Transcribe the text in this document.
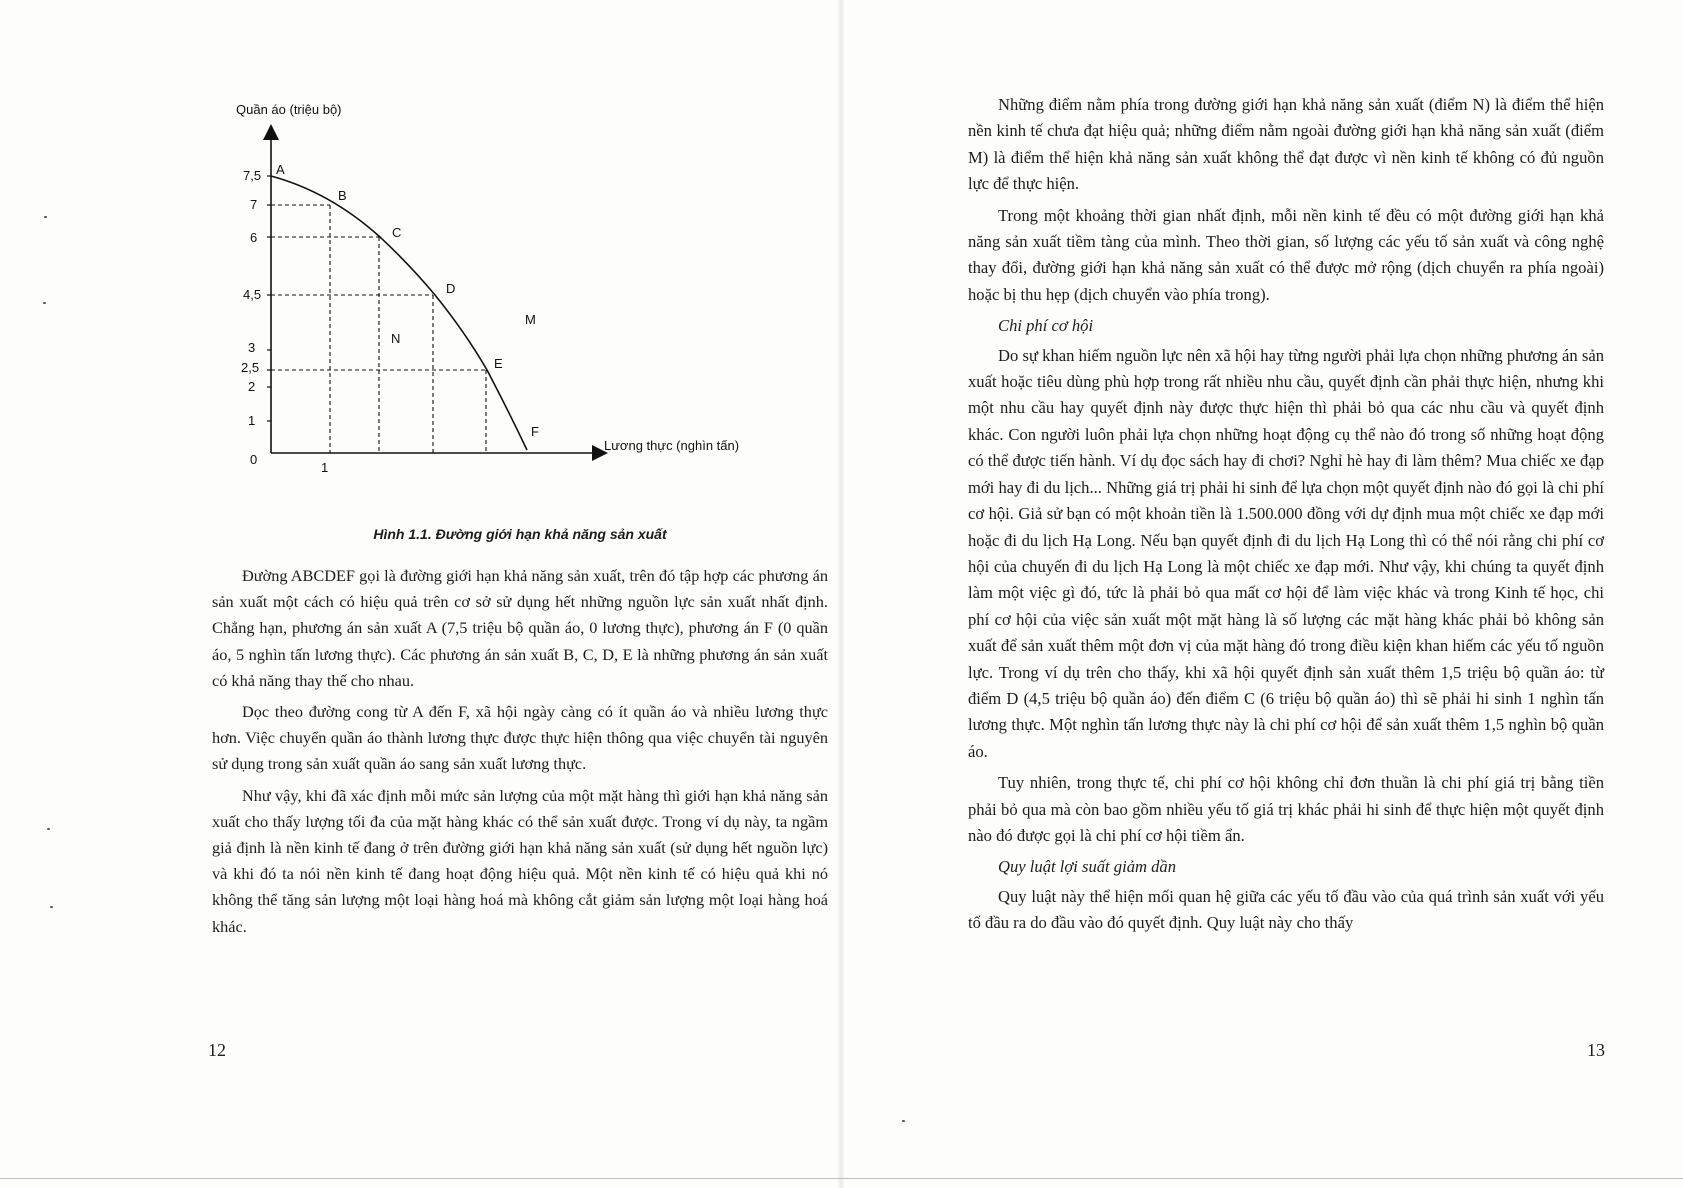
Quần áo (triệu bộ)
Lương thực (nghìn tấn)
0
7,5
7
6
4,5
3
2,5
2
1
1
A
B
C
D
E
F
N
M

Hình 1.1. Đường giới hạn khả năng sản xuất

Đường ABCDEF gọi là đường giới hạn khả năng sản xuất, trên đó tập hợp các phương án sản xuất một cách có hiệu quả trên cơ sở sử dụng hết những nguồn lực sản xuất nhất định. Chẳng hạn, phương án sản xuất A (7,5 triệu bộ quần áo, 0 lương thực), phương án F (0 quần áo, 5 nghìn tấn lương thực). Các phương án sản xuất B, C, D, E là những phương án sản xuất có khả năng thay thế cho nhau.

Dọc theo đường cong từ A đến F, xã hội ngày càng có ít quần áo và nhiều lương thực hơn. Việc chuyển quần áo thành lương thực được thực hiện thông qua việc chuyển tài nguyên sử dụng trong sản xuất quần áo sang sản xuất lương thực.

Như vậy, khi đã xác định mỗi mức sản lượng của một mặt hàng thì giới hạn khả năng sản xuất cho thấy lượng tối đa của mặt hàng khác có thể sản xuất được. Trong ví dụ này, ta ngầm giả định là nền kinh tế đang ở trên đường giới hạn khả năng sản xuất (sử dụng hết nguồn lực) và khi đó ta nói nền kinh tế đang hoạt động hiệu quả. Một nền kinh tế có hiệu quả khi nó không thể tăng sản lượng một loại hàng hoá mà không cắt giảm sản lượng một loại hàng hoá khác.

12

Những điểm nằm phía trong đường giới hạn khả năng sản xuất (điểm N) là điểm thể hiện nền kinh tế chưa đạt hiệu quả; những điểm nằm ngoài đường giới hạn khả năng sản xuất (điểm M) là điểm thể hiện khả năng sản xuất không thể đạt được vì nền kinh tế không có đủ nguồn lực để thực hiện.

Trong một khoảng thời gian nhất định, mỗi nền kinh tế đều có một đường giới hạn khả năng sản xuất tiềm tàng của mình. Theo thời gian, số lượng các yếu tố sản xuất và công nghệ thay đổi, đường giới hạn khả năng sản xuất có thể được mở rộng (dịch chuyển ra phía ngoài) hoặc bị thu hẹp (dịch chuyển vào phía trong).

Chi phí cơ hội

Do sự khan hiếm nguồn lực nên xã hội hay từng người phải lựa chọn những phương án sản xuất hoặc tiêu dùng phù hợp trong rất nhiều nhu cầu, quyết định cần phải thực hiện, nhưng khi một nhu cầu hay quyết định này được thực hiện thì phải bỏ qua các nhu cầu và quyết định khác. Con người luôn phải lựa chọn những hoạt động cụ thể nào đó trong số những hoạt động có thể được tiến hành. Ví dụ đọc sách hay đi chơi? Nghỉ hè hay đi làm thêm? Mua chiếc xe đạp mới hay đi du lịch... Những giá trị phải hi sinh để lựa chọn một quyết định nào đó gọi là chi phí cơ hội. Giả sử bạn có một khoản tiền là 1.500.000 đồng với dự định mua một chiếc xe đạp mới hoặc đi du lịch Hạ Long. Nếu bạn quyết định đi du lịch Hạ Long thì có thể nói rằng chi phí cơ hội của chuyến đi du lịch Hạ Long là một chiếc xe đạp mới. Như vậy, khi chúng ta quyết định làm một việc gì đó, tức là phải bỏ qua mất cơ hội để làm việc khác và trong Kinh tế học, chi phí cơ hội của việc sản xuất một mặt hàng là số lượng các mặt hàng khác phải bỏ không sản xuất để sản xuất thêm một đơn vị của mặt hàng đó trong điều kiện khan hiếm các yếu tố nguồn lực. Trong ví dụ trên cho thấy, khi xã hội quyết định sản xuất thêm 1,5 triệu bộ quần áo: từ điểm D (4,5 triệu bộ quần áo) đến điểm C (6 triệu bộ quần áo) thì sẽ phải hi sinh 1 nghìn tấn lương thực. Một nghìn tấn lương thực này là chi phí cơ hội để sản xuất thêm 1,5 nghìn bộ quần áo.

Tuy nhiên, trong thực tế, chi phí cơ hội không chỉ đơn thuần là chi phí giá trị bằng tiền phải bỏ qua mà còn bao gồm nhiều yếu tố giá trị khác phải hi sinh để thực hiện một quyết định nào đó được gọi là chi phí cơ hội tiềm ẩn.

Quy luật lợi suất giảm dần

Quy luật này thể hiện mối quan hệ giữa các yếu tố đầu vào của quá trình sản xuất với yếu tố đầu ra do đầu vào đó quyết định. Quy luật này cho thấy

13
